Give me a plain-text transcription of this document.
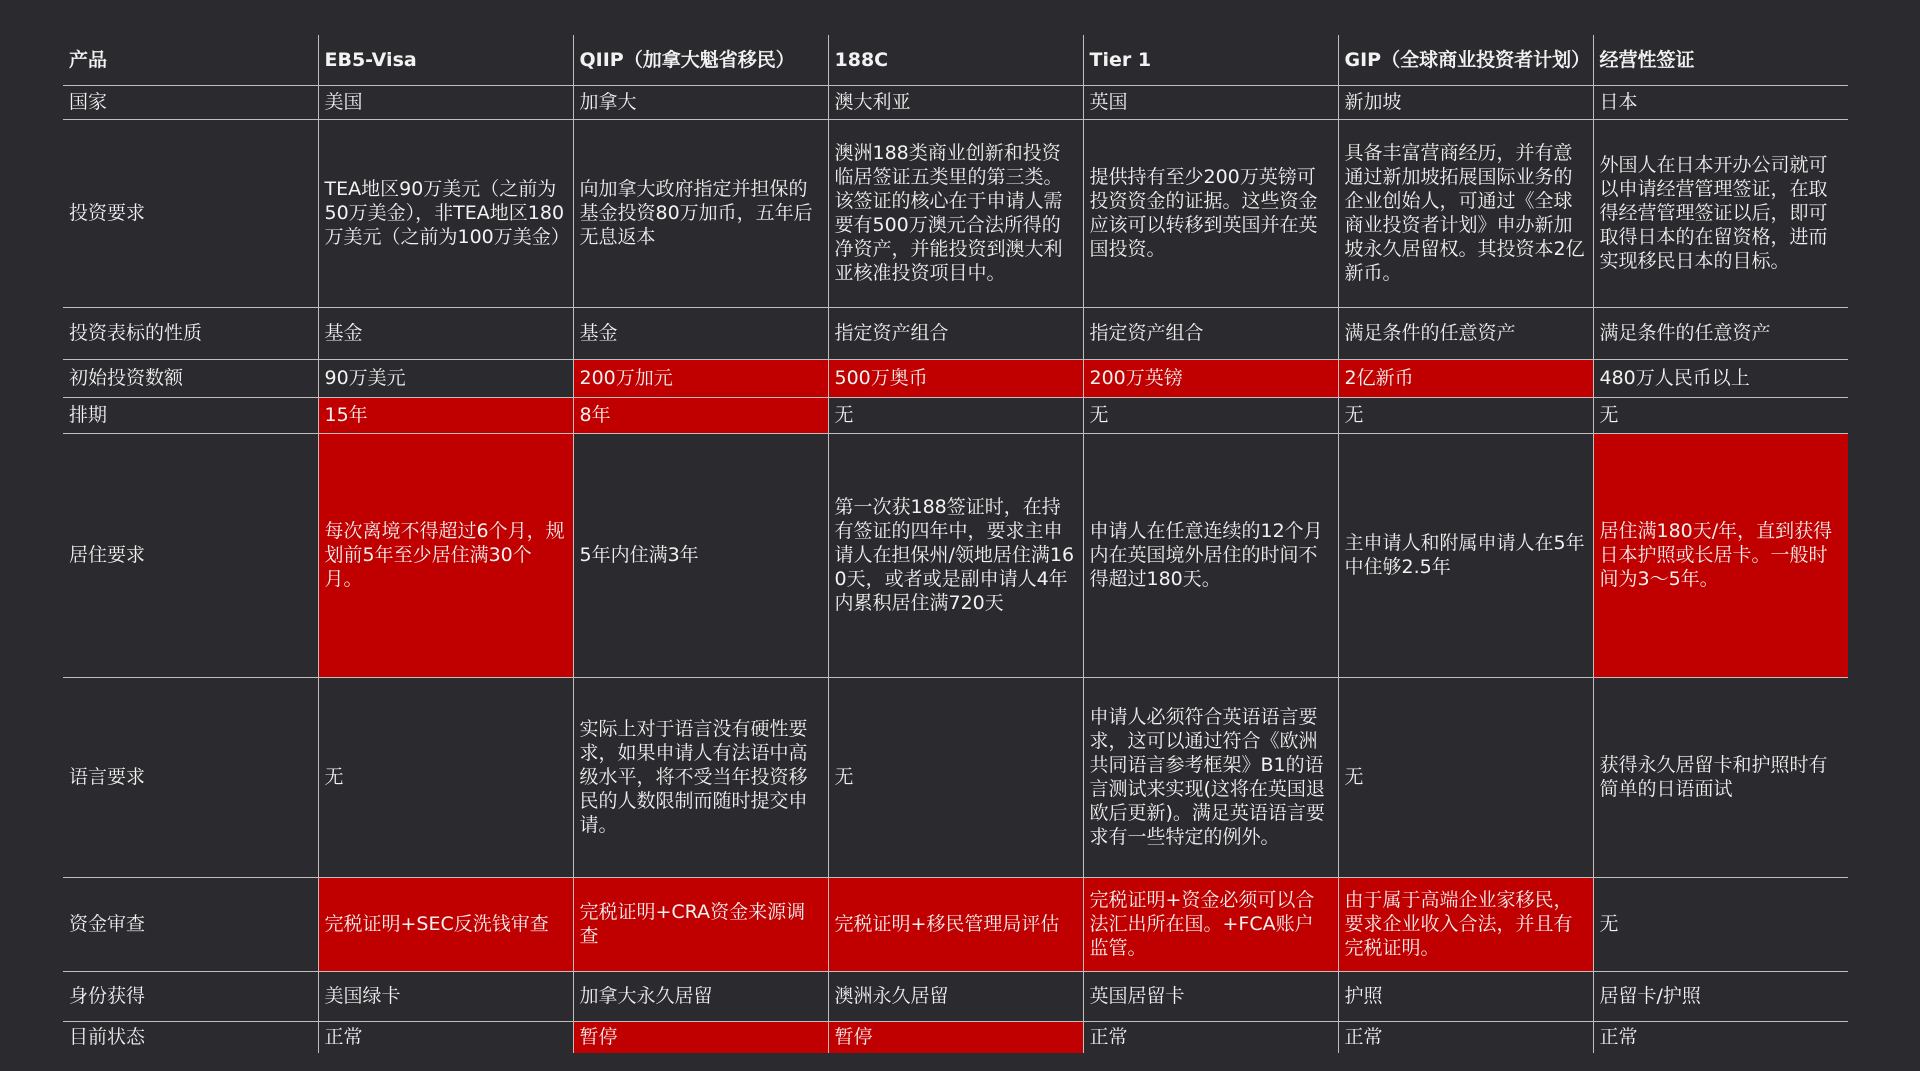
产品	EB5-Visa	QIIP（加拿大魁省移民）	188C	Tier 1	GIP（全球商业投资者计划）	经营性签证
国家	美国	加拿大	澳大利亚	英国	新加坡	日本
投资要求	TEA地区90万美元（之前为50万美金），非TEA地区180万美元（之前为100万美金）	向加拿大政府指定并担保的基金投资80万加币，五年后无息返本	澳洲188类商业创新和投资临居签证五类里的第三类。该签证的核心在于申请人需要有500万澳元合法所得的净资产，并能投资到澳大利亚核准投资项目中。	提供持有至少200万英镑可投资资金的证据。这些资金应该可以转移到英国并在英国投资。	具备丰富营商经历，并有意通过新加坡拓展国际业务的企业创始人，可通过《全球商业投资者计划》申办新加坡永久居留权。其投资本2亿新币。	外国人在日本开办公司就可以申请经营管理签证，在取得经营管理签证以后，即可取得日本的在留资格，进而实现移民日本的目标。
投资表标的性质	基金	基金	指定资产组合	指定资产组合	满足条件的任意资产	满足条件的任意资产
初始投资数额	90万美元	200万加元	500万奥币	200万英镑	2亿新币	480万人民币以上
排期	15年	8年	无	无	无	无
居住要求	每次离境不得超过6个月，规划前5年至少居住满30个月。	5年内住满3年	第一次获188签证时，在持有签证的四年中，要求主申请人在担保州/领地居住满160天，或者或是副申请人4年内累积居住满720天	申请人在任意连续的12个月内在英国境外居住的时间不得超过180天。	主申请人和附属申请人在5年中住够2.5年	居住满180天/年，直到获得日本护照或长居卡。一般时间为3～5年。
语言要求	无	实际上对于语言没有硬性要求，如果申请人有法语中高级水平，将不受当年投资移民的人数限制而随时提交申请。	无	申请人必须符合英语语言要求，这可以通过符合《欧洲共同语言参考框架》B1的语言测试来实现(这将在英国退欧后更新)。满足英语语言要求有一些特定的例外。	无	获得永久居留卡和护照时有简单的日语面试
资金审查	完税证明+SEC反洗钱审查	完税证明+CRA资金来源调查	完税证明+移民管理局评估	完税证明+资金必须可以合法汇出所在国。+FCA账户监管。	由于属于高端企业家移民，要求企业收入合法，并且有完税证明。	无
身份获得	美国绿卡	加拿大永久居留	澳洲永久居留	英国居留卡	护照	居留卡/护照
目前状态	正常	暂停	暂停	正常	正常	正常
